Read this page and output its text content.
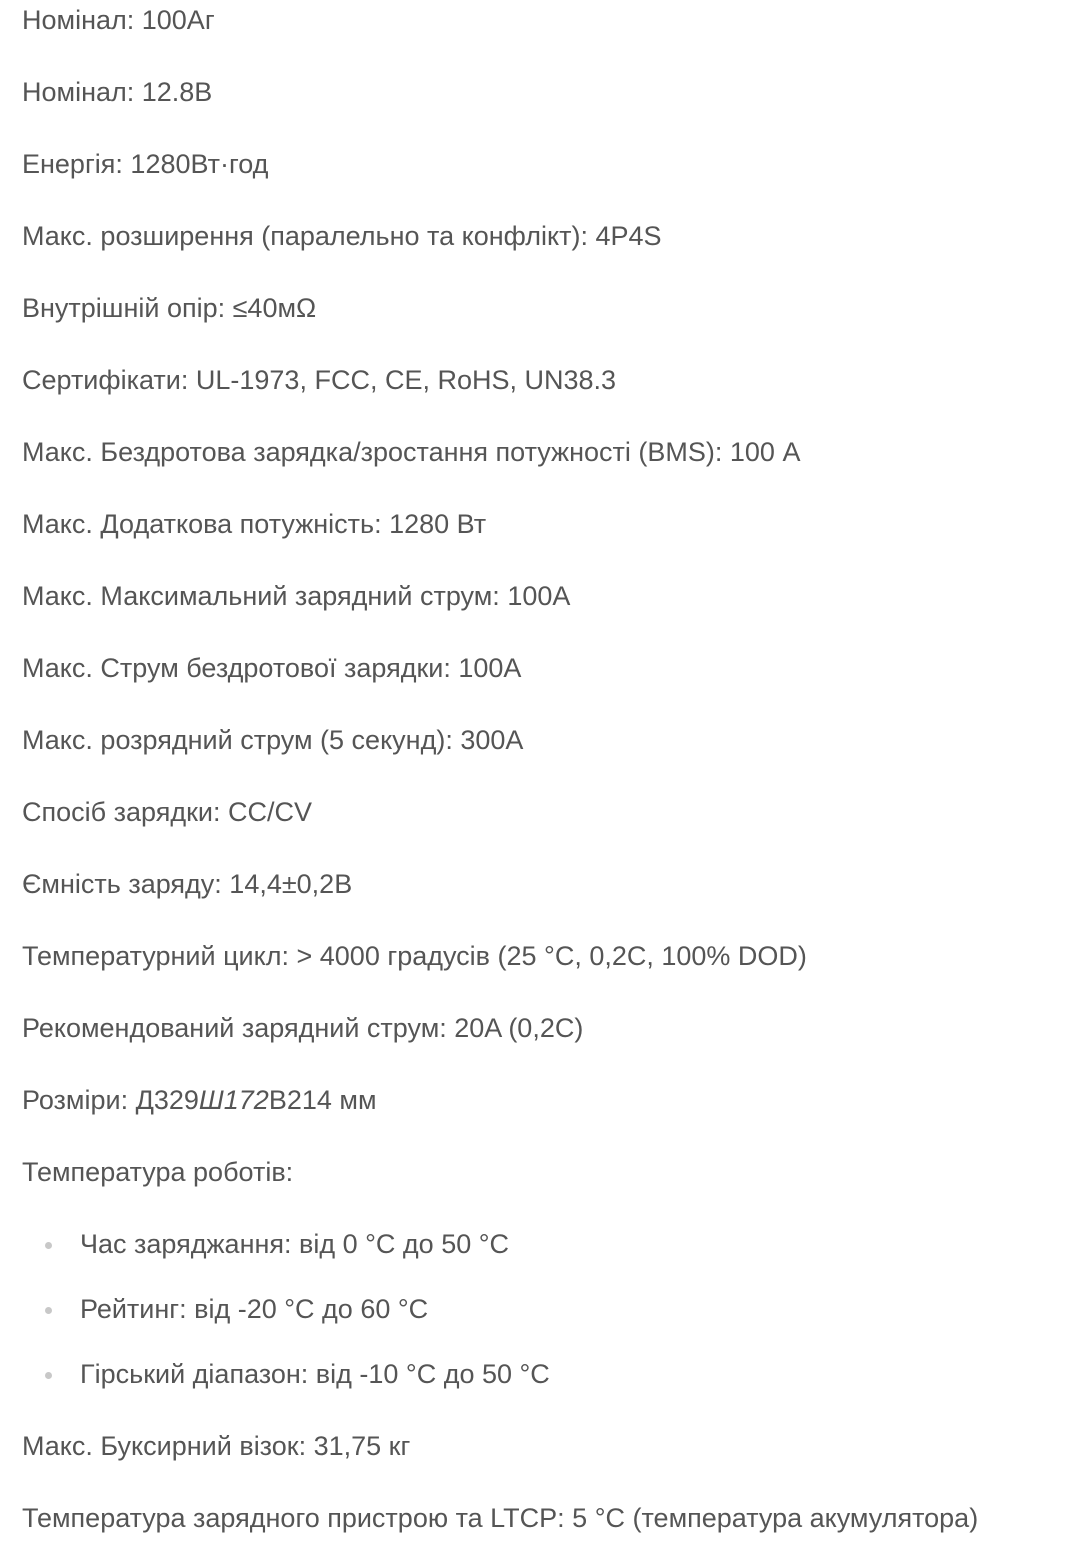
Номінал: 100Аг

Номінал: 12.8В

Енергія: 1280Вт·год

Макс. розширення (паралельно та конфлікт): 4P4S

Внутрішній опір: ≤40мΩ

Сертифікати: UL-1973, FCC, CE, RoHS, UN38.3

Макс. Бездротова зарядка/зростання потужності (BMS): 100 A

Макс. Додаткова потужність: 1280 Вт

Макс. Максимальний зарядний струм: 100A

Макс. Струм бездротової зарядки: 100A

Макс. розрядний струм (5 секунд): 300A

Спосіб зарядки: CC/CV

Ємність заряду: 14,4±0,2В

Температурний цикл: > 4000 градусів (25 °C, 0,2C, 100% DOD)

Рекомендований зарядний струм: 20A (0,2C)

Розміри: Д329Ш172В214 мм

Температура роботів:

Час заряджання: від 0 °C до 50 °C
Рейтинг: від -20 °C до 60 °C
Гірський діапазон: від -10 °C до 50 °C

Макс. Буксирний візок: 31,75 кг

Температура зарядного пристрою та LTCP: 5 °C (температура акумулятора)
